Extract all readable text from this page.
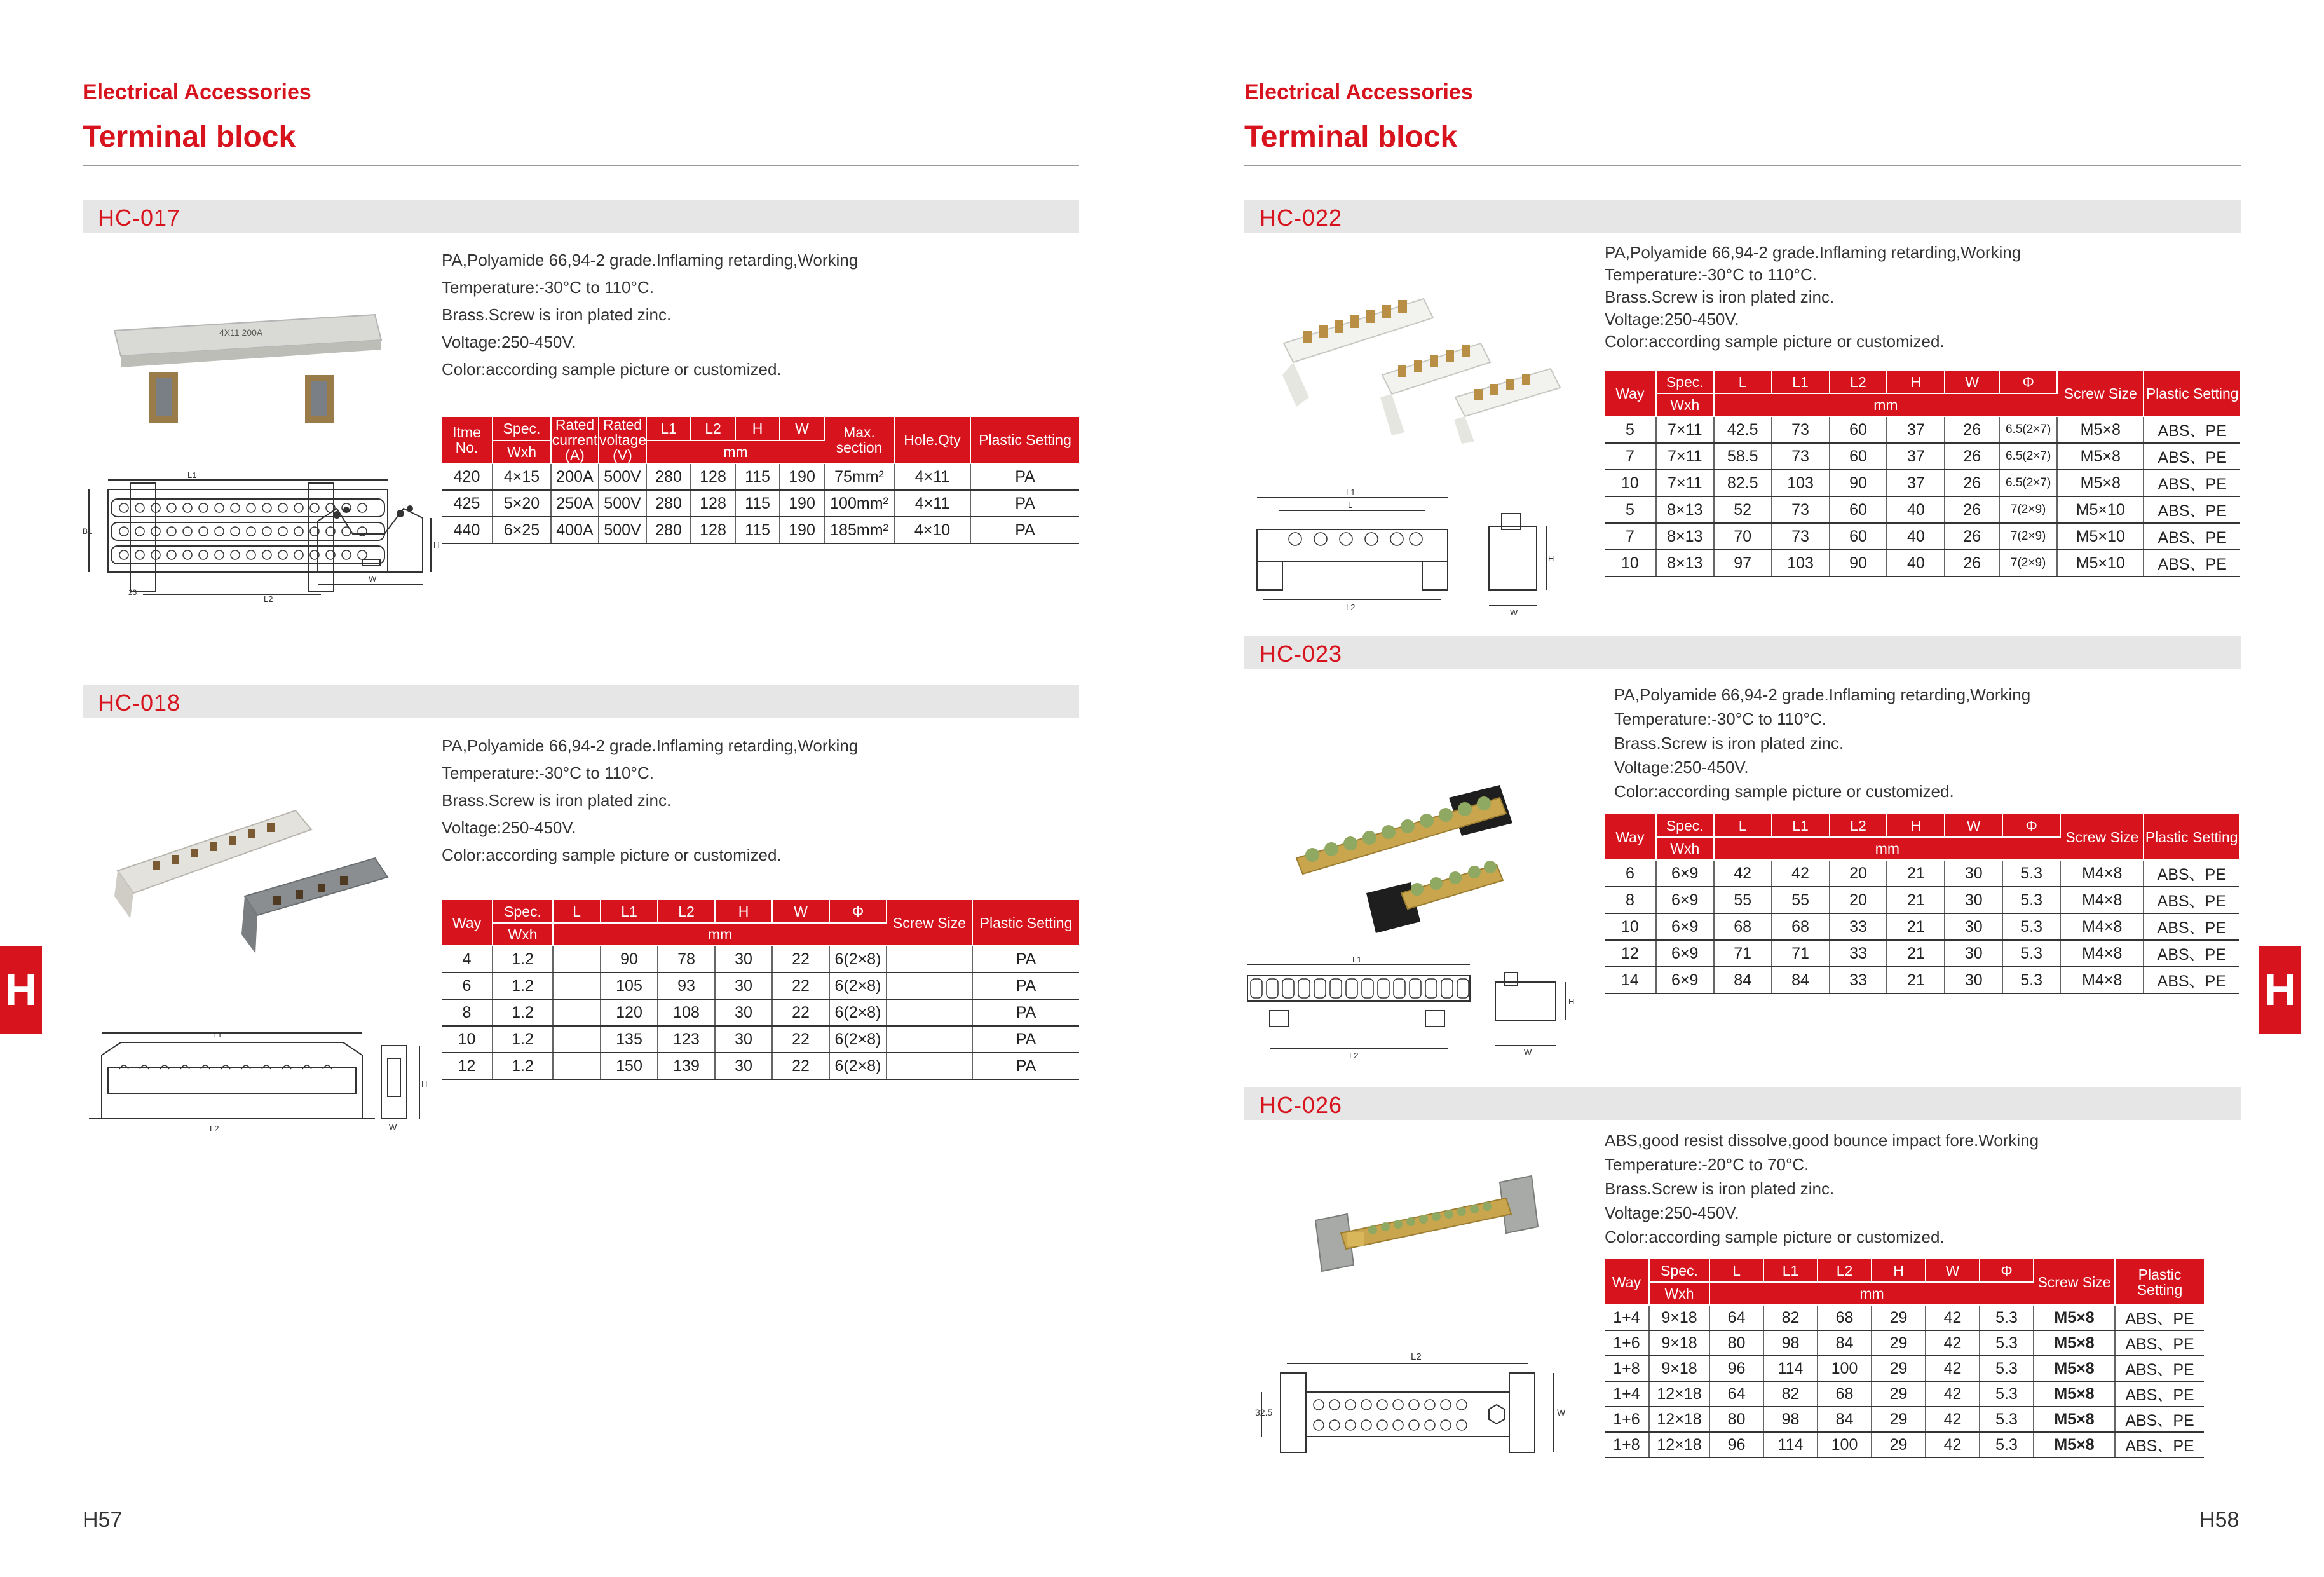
Electrical Accessories
Terminal block
HC-017
PA,Polyamide 66,94-2 grade.Inflaming retarding,Working
Temperature:-30°C to 110°C.
Brass.Screw is iron plated zinc.
Voltage:250-450V.
Color:according sample picture or customized.
4X11 200A
L1
L2
23
B1
W
H
Itme No.	Spec.	Rated current (A)	Rated voltage (V)	L1	L2	H	W	Max. section	Hole.Qty	Plastic Setting
	Wxh			mm						
420	4×15	200A	500V	280	128	115	190	75mm²	4×11	PA
425	5×20	250A	500V	280	128	115	190	100mm²	4×11	PA
440	6×25	400A	500V	280	128	115	190	185mm²	4×10	PA
HC-018
PA,Polyamide 66,94-2 grade.Inflaming retarding,Working
Temperature:-30°C to 110°C.
Brass.Screw is iron plated zinc.
Voltage:250-450V.
Color:according sample picture or customized.
L1
L2
H
W
Way	Spec.	L	L1	L2	H	W	Φ	Screw Size	Plastic Setting
	Wxh	mm							
4	1.2		90	78	30	22	6(2×8)		PA
6	1.2		105	93	30	22	6(2×8)		PA
8	1.2		120	108	30	22	6(2×8)		PA
10	1.2		135	123	30	22	6(2×8)		PA
12	1.2		150	139	30	22	6(2×8)		PA
H
H57
Electrical Accessories
Terminal block
HC-022
PA,Polyamide 66,94-2 grade.Inflaming retarding,Working
Temperature:-30°C to 110°C.
Brass.Screw is iron plated zinc.
Voltage:250-450V.
Color:according sample picture or customized.
L1
L
L2
H
W
Way	Spec.	L	L1	L2	H	W	Φ	Screw Size	Plastic Setting
	Wxh	mm							
5	7×11	42.5	73	60	37	26	6.5(2×7)	M5×8	ABS、PE
7	7×11	58.5	73	60	37	26	6.5(2×7)	M5×8	ABS、PE
10	7×11	82.5	103	90	37	26	6.5(2×7)	M5×8	ABS、PE
5	8×13	52	73	60	40	26	7(2×9)	M5×10	ABS、PE
7	8×13	70	73	60	40	26	7(2×9)	M5×10	ABS、PE
10	8×13	97	103	90	40	26	7(2×9)	M5×10	ABS、PE
HC-023
PA,Polyamide 66,94-2 grade.Inflaming retarding,Working
Temperature:-30°C to 110°C.
Brass.Screw is iron plated zinc.
Voltage:250-450V.
Color:according sample picture or customized.
L1
L2
H
W
Way	Spec.	L	L1	L2	H	W	Φ	Screw Size	Plastic Setting
	Wxh	mm							
6	6×9	42	42	20	21	30	5.3	M4×8	ABS、PE
8	6×9	55	55	20	21	30	5.3	M4×8	ABS、PE
10	6×9	68	68	33	21	30	5.3	M4×8	ABS、PE
12	6×9	71	71	33	21	30	5.3	M4×8	ABS、PE
14	6×9	84	84	33	21	30	5.3	M4×8	ABS、PE
HC-026
ABS,good resist dissolve,good bounce impact fore.Working
Temperature:-20°C to 70°C.
Brass.Screw is iron plated zinc.
Voltage:250-450V.
Color:according sample picture or customized.
L2
32.5	W
Way	Spec.	L	L1	L2	H	W	Φ	Screw Size	Plastic Setting
	Wxh	mm							
1+4	9×18	64	82	68	29	42	5.3	M5×8	ABS、PE
1+6	9×18	80	98	84	29	42	5.3	M5×8	ABS、PE
1+8	9×18	96	114	100	29	42	5.3	M5×8	ABS、PE
1+4	12×18	64	82	68	29	42	5.3	M5×8	ABS、PE
1+6	12×18	80	98	84	29	42	5.3	M5×8	ABS、PE
1+8	12×18	96	114	100	29	42	5.3	M5×8	ABS、PE
H
H58
